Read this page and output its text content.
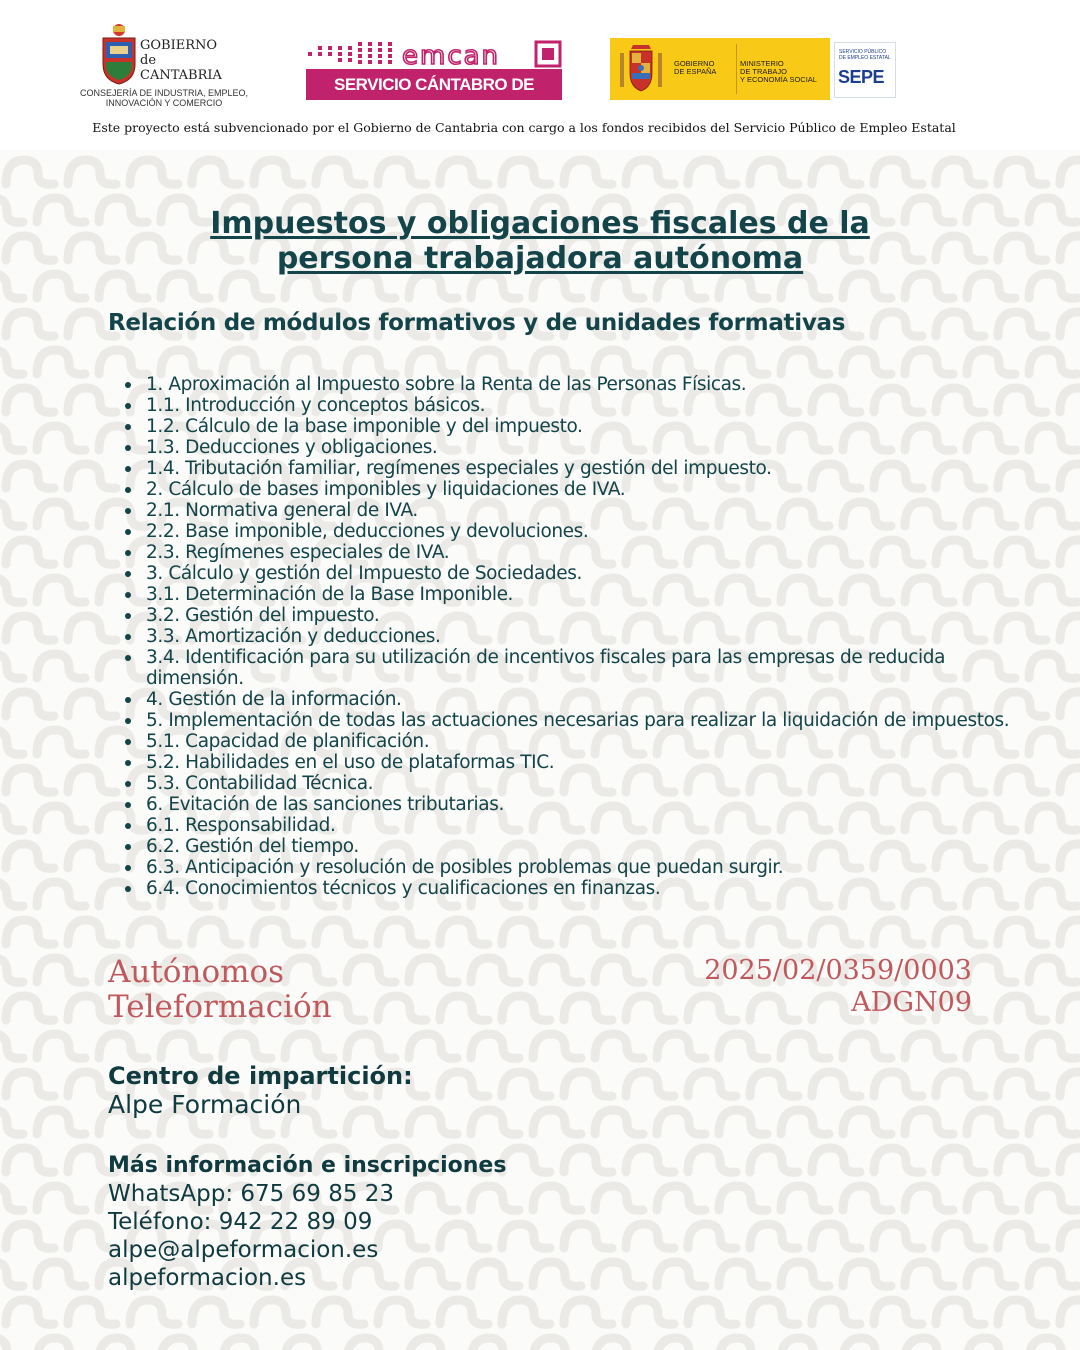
GOBIERNO
de
CANTABRIA
CONSEJERÍA DE INDUSTRIA, EMPLEO,
INNOVACIÓN Y COMERCIO
emcan
SERVICIO CÁNTABRO DE EMPLEO
GOBIERNO
DE ESPAÑA
MINISTERIO
DE TRABAJO
Y ECONOMÍA SOCIAL
SERVICIO PÚBLICO
DE EMPLEO ESTATAL
SEPE
Este proyecto está subvencionado por el Gobierno de Cantabria con cargo a los fondos recibidos del Servicio Público de Empleo Estatal
Impuestos y obligaciones fiscales de la
persona trabajadora autónoma
Relación de módulos formativos y de unidades formativas
1. Aproximación al Impuesto sobre la Renta de las Personas Físicas.
1.1. Introducción y conceptos básicos.
1.2. Cálculo de la base imponible y del impuesto.
1.3. Deducciones y obligaciones.
1.4. Tributación familiar, regímenes especiales y gestión del impuesto.
2. Cálculo de bases imponibles y liquidaciones de IVA.
2.1. Normativa general de IVA.
2.2. Base imponible, deducciones y devoluciones.
2.3. Regímenes especiales de IVA.
3. Cálculo y gestión del Impuesto de Sociedades.
3.1. Determinación de la Base Imponible.
3.2. Gestión del impuesto.
3.3. Amortización y deducciones.
3.4. Identificación para su utilización de incentivos fiscales para las empresas de reducida dimensión.
4. Gestión de la información.
5. Implementación de todas las actuaciones necesarias para realizar la liquidación de impuestos.
5.1. Capacidad de planificación.
5.2. Habilidades en el uso de plataformas TIC.
5.3. Contabilidad Técnica.
6. Evitación de las sanciones tributarias.
6.1. Responsabilidad.
6.2. Gestión del tiempo.
6.3. Anticipación y resolución de posibles problemas que puedan surgir.
6.4. Conocimientos técnicos y cualificaciones en finanzas.
Autónomos
Teleformación
2025/02/0359/0003
ADGN09
Centro de impartición:
Alpe Formación
Más información e inscripciones
WhatsApp: 675 69 85 23
Teléfono: 942 22 89 09
alpe@alpeformacion.es
alpeformacion.es
